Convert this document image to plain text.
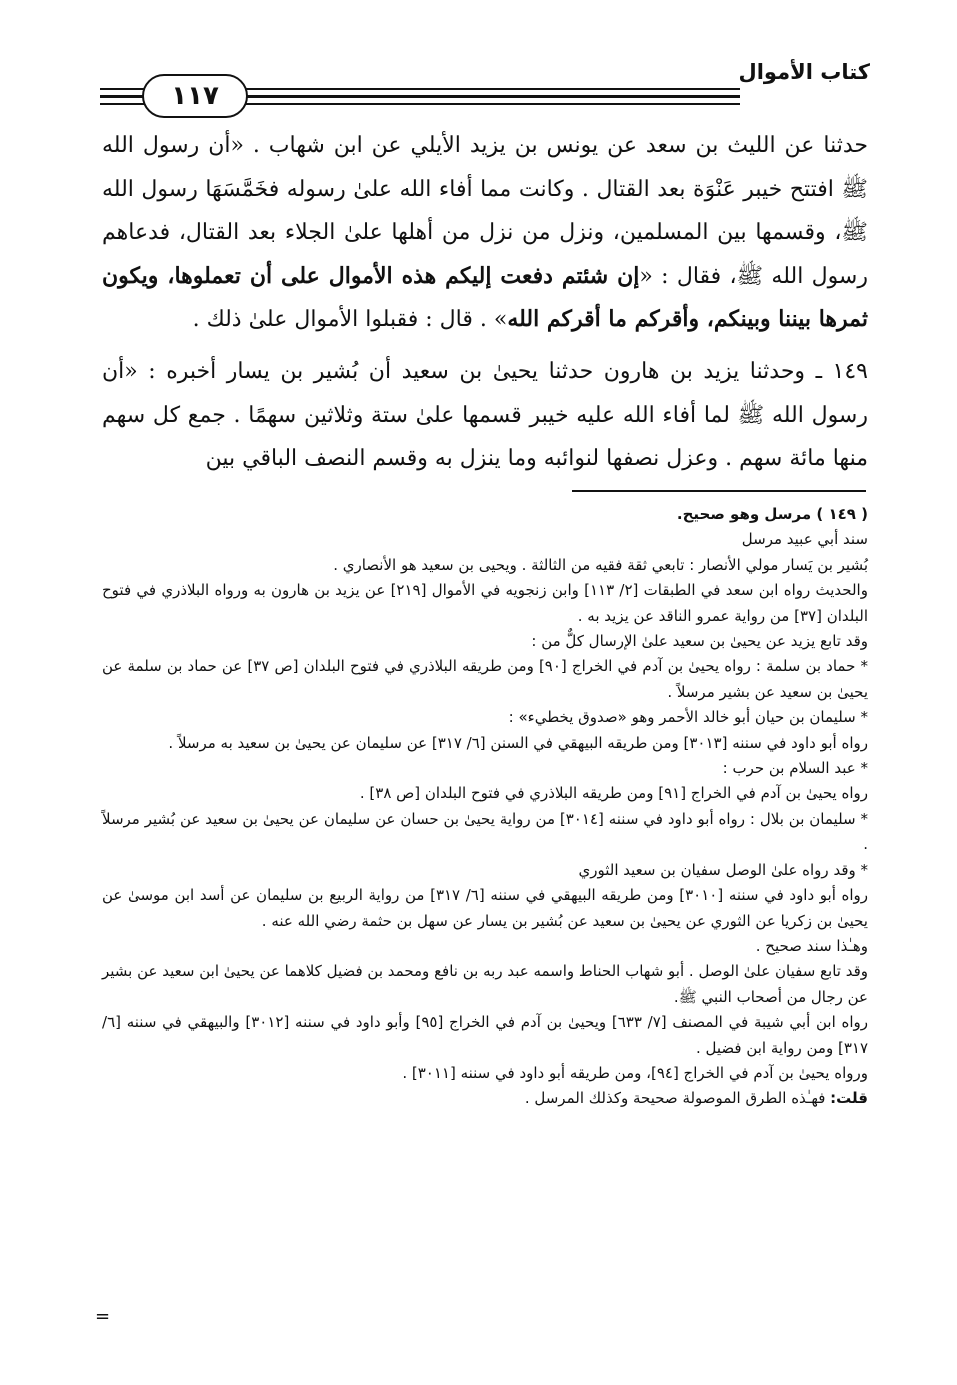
كتاب الأموال
١١٧

حدثنا عن الليث بن سعد عن يونس بن يزيد الأيلي عن ابن شهاب . «أن رسول الله ﷺ افتتح خيبر عَنْوَة بعد القتال . وكانت مما أفاء الله علىٰ رسوله فخَمَّسَهَا رسول الله ﷺ، وقسمها بين المسلمين، ونزل من نزل من أهلها علىٰ الجلاء بعد القتال، فدعاهم رسول الله ﷺ، فقال : «إن شئتم دفعت إليكم هذه الأموال على أن تعملوها، ويكون ثمرها بيننا وبينكم، وأقركم ما أقركم الله» . قال : فقبلوا الأموال علىٰ ذلك .

١٤٩ ـ وحدثنا يزيد بن هارون حدثنا يحيىٰ بن سعيد أن بُشير بن يسار أخبره : «أن رسول الله ﷺ لما أفاء الله عليه خيبر قسمها علىٰ ستة وثلاثين سهمًا . جمع كل سهم منها مائة سهم . وعزل نصفها لنوائبه وما ينزل به وقسم النصف الباقي بين

( ١٤٩ ) مرسل وهو صحيح.

سند أبي عبيد مرسل

بُشير بن يَسار مولي الأنصار : تابعي ثقة فقيه من الثالثة . ويحيى بن سعيد هو الأنصاري .

والحديث رواه ابن سعد في الطبقات [٢/ ١١٣] وابن زنجويه في الأموال [٢١٩] عن يزيد بن هارون به ورواه البلاذري في فتوح البلدان [٣٧] من رواية عمرو الناقد عن يزيد به .

وقد تابع يزيد عن يحيىٰ بن سعيد علىٰ الإرسال كلٌّ من :

* حماد بن سلمة : رواه يحيىٰ بن آدم في الخراج [٩٠] ومن طريقه البلاذري في فتوح البلدان [ص ٣٧] عن حماد بن سلمة عن يحيىٰ بن سعيد عن بشير مرسلاً .

* سليمان بن حيان أبو خالد الأحمر وهو «صدوق يخطيء» :

رواه أبو داود في سننه [٣٠١٣] ومن طريقه البيهقي في السنن [٦/ ٣١٧] عن سليمان عن يحيىٰ بن سعيد به مرسلاً .

* عبد السلام بن حرب :

رواه يحيىٰ بن آدم في الخراج [٩١] ومن طريقه البلاذري في فتوح البلدان [ص ٣٨] .

* سليمان بن بلال : رواه أبو داود في سننه [٣٠١٤] من رواية يحيىٰ بن حسان عن سليمان عن يحيىٰ بن سعيد عن بُشير مرسلاً .

* وقد رواه علىٰ الوصل سفيان بن سعيد الثوري

رواه أبو داود في سننه [٣٠١٠] ومن طريقه البيهقي في سننه [٦/ ٣١٧] من رواية الربيع بن سليمان عن أسد ابن موسىٰ عن يحيىٰ بن زكريا عن الثوري عن يحيىٰ بن سعيد عن بُشير بن يسار عن سهل بن حثمة رضي الله عنه .

وهـٰذا سند صحيح .

وقد تابع سفيان علىٰ الوصل . أبو شهاب الحناط واسمه عبد ربه بن نافع ومحمد بن فضيل كلاهما عن يحيىٰ ابن سعيد عن بشير عن رجال من أصحاب النبي ﷺ.

رواه ابن أبي شيبة في المصنف [٧/ ٦٣٣] ويحيىٰ بن آدم في الخراج [٩٥] وأبو داود في سننه [٣٠١٢] والبيهقي في سننه [٦/ ٣١٧] ومن رواية ابن فضيل .

ورواه يحيىٰ بن آدم في الخراج [٩٤]، ومن طريقه أبو داود في سننه [٣٠١١] .

قلت: فهـٰذه الطرق الموصولة صحيحة وكذلك المرسل .

=
